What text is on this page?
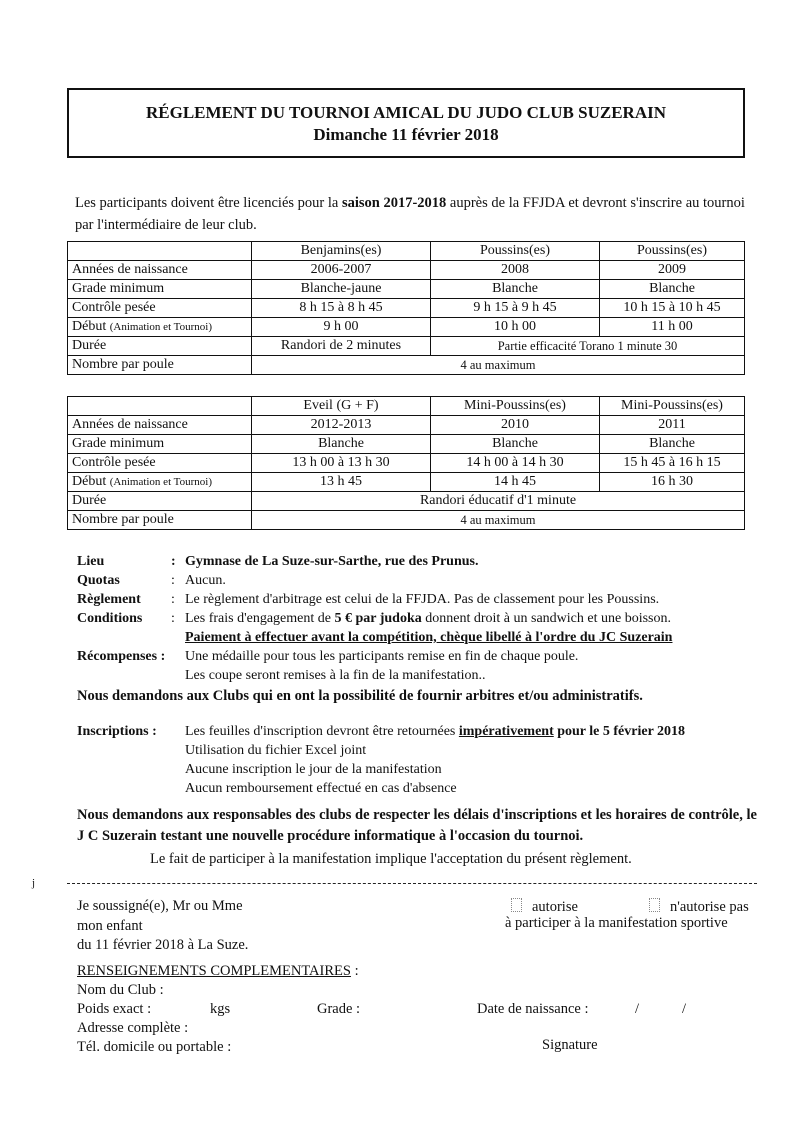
RÉGLEMENT DU TOURNOI AMICAL DU JUDO CLUB SUZERAIN
Dimanche 11 février 2018
Les participants doivent être licenciés pour la saison 2017-2018 auprès de la FFJDA et devront s'inscrire au tournoi par l'intermédiaire de leur club.
	Benjamins(es)	Poussins(es)	Poussins(es)
Années de naissance	2006-2007	2008	2009
Grade minimum	Blanche-jaune	Blanche	Blanche
Contrôle pesée	8 h 15 à 8 h 45	9 h 15 à 9 h 45	10 h 15 à 10 h 45
Début (Animation et Tournoi)	9 h 00	10 h 00	11 h 00
Durée	Randori de 2 minutes	Partie efficacité Torano 1 minute 30	
Nombre par poule	4 au maximum		
	Eveil (G + F)	Mini-Poussins(es)	Mini-Poussins(es)
Années de naissance	2012-2013	2010	2011
Grade minimum	Blanche	Blanche	Blanche
Contrôle pesée	13 h 00 à 13 h 30	14 h 00 à 14 h 30	15 h 45 à 16 h 15
Début (Animation et Tournoi)	13 h 45	14 h 45	16 h 30
Durée	Randori éducatif d'1 minute		
Nombre par poule	4 au maximum		
Lieu	: Gymnase de La Suze-sur-Sarthe, rue des Prunus.
Quotas	: Aucun.
Règlement	: Le règlement d'arbitrage est celui de la FFJDA. Pas de classement pour les Poussins.
Conditions	: Les frais d'engagement de 5 € par judoka donnent droit à un sandwich et une boisson.
Paiement à effectuer avant la compétition, chèque libellé à l'ordre du JC Suzerain
Récompenses :	Une médaille pour tous les participants remise en fin de chaque poule.
Les coupe seront remises à la fin de la manifestation..
Nous demandons aux Clubs qui en ont la possibilité de fournir arbitres et/ou administratifs.
Inscriptions :	Les feuilles d'inscription devront être retournées impérativement pour le 5 février 2018
Utilisation du fichier Excel joint
Aucune inscription le jour de la manifestation
Aucun remboursement effectué en cas d'absence
Nous demandons aux responsables des clubs de respecter les délais d'inscriptions et les horaires de contrôle, le J C Suzerain testant une nouvelle procédure informatique à l'occasion du tournoi.
Le fait de participer à la manifestation implique l'acceptation du présent règlement.
j
Je soussigné(e), Mr ou Mme
mon enfant
du 11 février 2018 à La Suze.
autorise	n'autorise pas
à participer à la manifestation sportive
RENSEIGNEMENTS COMPLEMENTAIRES :
Nom du Club :
Poids exact :	kgs	Grade :	Date de naissance :	/	/
Adresse complète :
Tél. domicile ou portable :	Signature
